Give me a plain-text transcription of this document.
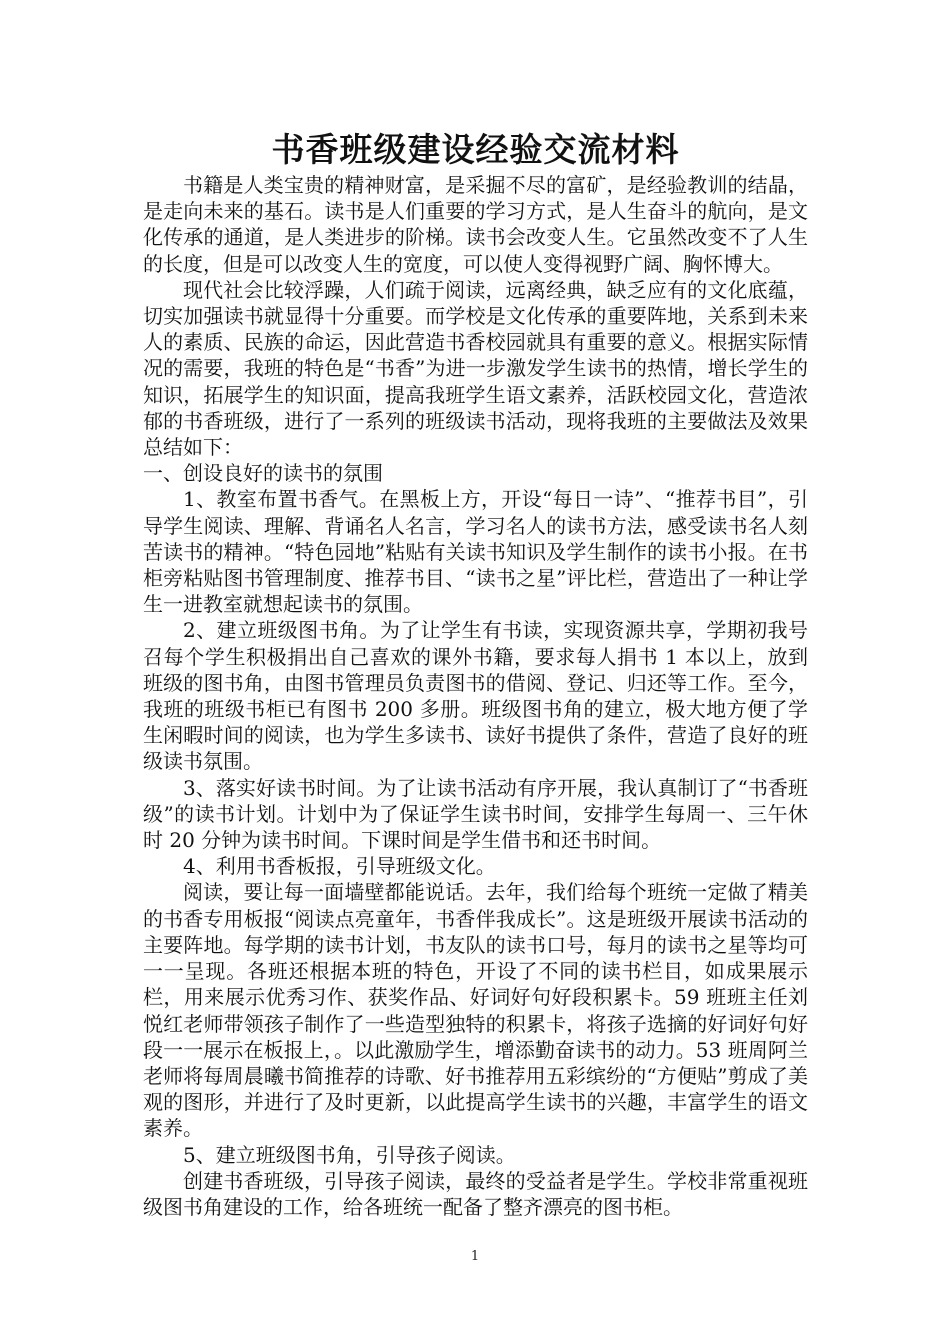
书香班级建设经验交流材料

书籍是人类宝贵的精神财富，是采掘不尽的富矿，是经验教训的结晶，是走向未来的基石。读书是人们重要的学习方式，是人生奋斗的航向，是文化传承的通道，是人类进步的阶梯。读书会改变人生。它虽然改变不了人生的长度，但是可以改变人生的宽度，可以使人变得视野广阔、胸怀博大。

现代社会比较浮躁，人们疏于阅读，远离经典，缺乏应有的文化底蕴，切实加强读书就显得十分重要。而学校是文化传承的重要阵地，关系到未来人的素质、民族的命运，因此营造书香校园就具有重要的意义。根据实际情况的需要，我班的特色是“书香”为进一步激发学生读书的热情，增长学生的知识，拓展学生的知识面，提高我班学生语文素养，活跃校园文化，营造浓郁的书香班级，进行了一系列的班级读书活动，现将我班的主要做法及效果总结如下：

一、创设良好的读书的氛围

1、教室布置书香气。在黑板上方，开设“每日一诗”、“推荐书目”，引导学生阅读、理解、背诵名人名言，学习名人的读书方法，感受读书名人刻苦读书的精神。“特色园地”粘贴有关读书知识及学生制作的读书小报。在书柜旁粘贴图书管理制度、推荐书目、“读书之星”评比栏，营造出了一种让学生一进教室就想起读书的氛围。

2、建立班级图书角。为了让学生有书读，实现资源共享，学期初我号召每个学生积极捐出自己喜欢的课外书籍，要求每人捐书 1 本以上，放到班级的图书角，由图书管理员负责图书的借阅、登记、归还等工作。至今，我班的班级书柜已有图书 200 多册。班级图书角的建立，极大地方便了学生闲暇时间的阅读，也为学生多读书、读好书提供了条件，营造了良好的班级读书氛围。

3、落实好读书时间。为了让读书活动有序开展，我认真制订了“书香班级”的读书计划。计划中为了保证学生读书时间，安排学生每周一、三午休时 20 分钟为读书时间。下课时间是学生借书和还书时间。

4、利用书香板报，引导班级文化。

阅读，要让每一面墙壁都能说话。去年，我们给每个班统一定做了精美的书香专用板报“阅读点亮童年，书香伴我成长”。这是班级开展读书活动的主要阵地。每学期的读书计划，书友队的读书口号，每月的读书之星等均可一一呈现。各班还根据本班的特色，开设了不同的读书栏目，如成果展示栏，用来展示优秀习作、获奖作品、好词好句好段积累卡。59 班班主任刘悦红老师带领孩子制作了一些造型独特的积累卡，将孩子选摘的好词好句好段一一展示在板报上，。以此激励学生，增添勤奋读书的动力。53 班周阿兰老师将每周晨曦书简推荐的诗歌、好书推荐用五彩缤纷的“方便贴”剪成了美观的图形，并进行了及时更新，以此提高学生读书的兴趣，丰富学生的语文素养。

5、建立班级图书角，引导孩子阅读。

创建书香班级，引导孩子阅读，最终的受益者是学生。学校非常重视班级图书角建设的工作，给各班统一配备了整齐漂亮的图书柜。

1
